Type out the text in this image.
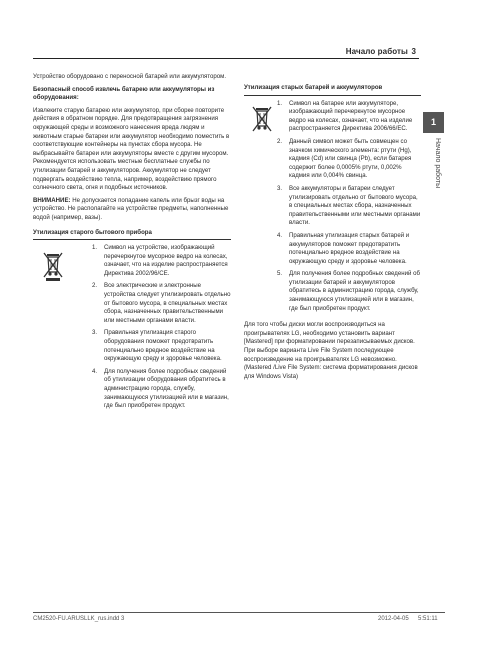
Начало работы 3
1
Начало работы

Устройство оборудовано с переносной батарей или аккумулятором.

Безопасный способ извлечь батарею или аккумуляторы из оборудования:

Извлеките старую батарею или аккумулятор, при сборке повторите действия в обратном порядке. Для предотвращения загрязнения окружающей среды и возможного нанесения вреда людям и животным старые батареи или аккумулятор необходимо поместить в соответствующие контейнеры на пунктах сбора мусора. Не выбрасывайте батареи или аккумуляторы вместе с другим мусором. Рекомендуется использовать местные бесплатные службы по утилизации батарей и аккумуляторов. Аккумулятор не следует подвергать воздействию тепла, например, воздействию прямого солнечного света, огня и подобных источников.

ВНИМАНИЕ: Не допускается попадание капель или брызг воды на устройство. Не располагайте на устройстве предметы, наполненные водой (например, вазы).

Утилизация старого бытового прибора
1. Символ на устройстве, изображающий перечеркнутое мусорное ведро на колесах, означает, что на изделие распространяется Директива 2002/96/CE.
2. Все электрические и электронные устройства следует утилизировать отдельно от бытового мусора, в специальных местах сбора, назначенных правительственными или местными органами власти.
3. Правильная утилизация старого оборудования поможет предотвратить потенциально вредное воздействие на окружающую среду и здоровье человека.
4. Для получения более подробных сведений об утилизации оборудования обратитесь в администрацию города, службу, занимающуюся утилизацией или в магазин, где был приобретен продукт.
Утилизация старых батарей и аккумуляторов
1. Символ на батарее или аккумуляторе, изображающий перечеркнутое мусорное ведро на колесах, означает, что на изделие распространяется Директива 2006/66/EC.
2. Данный символ может быть совмещен со значком химического элемента: ртути (Hg), кадмия (Cd) или свинца (Pb), если батарея содержит более 0,0005% ртути, 0,002% кадмия или 0,004% свинца.
3. Все аккумуляторы и батареи следует утилизировать отдельно от бытового мусора, в специальных местах сбора, назначенных правительственными или местными органами власти.
4. Правильная утилизация старых батарей и аккумуляторов поможет предотвратить потенциально вредное воздействие на окружающую среду и здоровье человека.
5. Для получения более подробных сведений об утилизации батарей и аккумуляторов обратитесь в администрацию города, службу, занимающуюся утилизацией или в магазин, где был приобретен продукт.

Для того чтобы диски могли воспроизводиться на проигрывателях LG, необходимо установить вариант [Mastered] при форматировании перезаписываемых дисков. При выборе варианта Live File System последующее воспроизведение на проигрывателях LG невозможно. (Mastered /Live File System: система форматирования дисков для Windows Vista)

CM2520-FU.ARUSLLK_rus.indd 3	2012-04-05 5:51:11
